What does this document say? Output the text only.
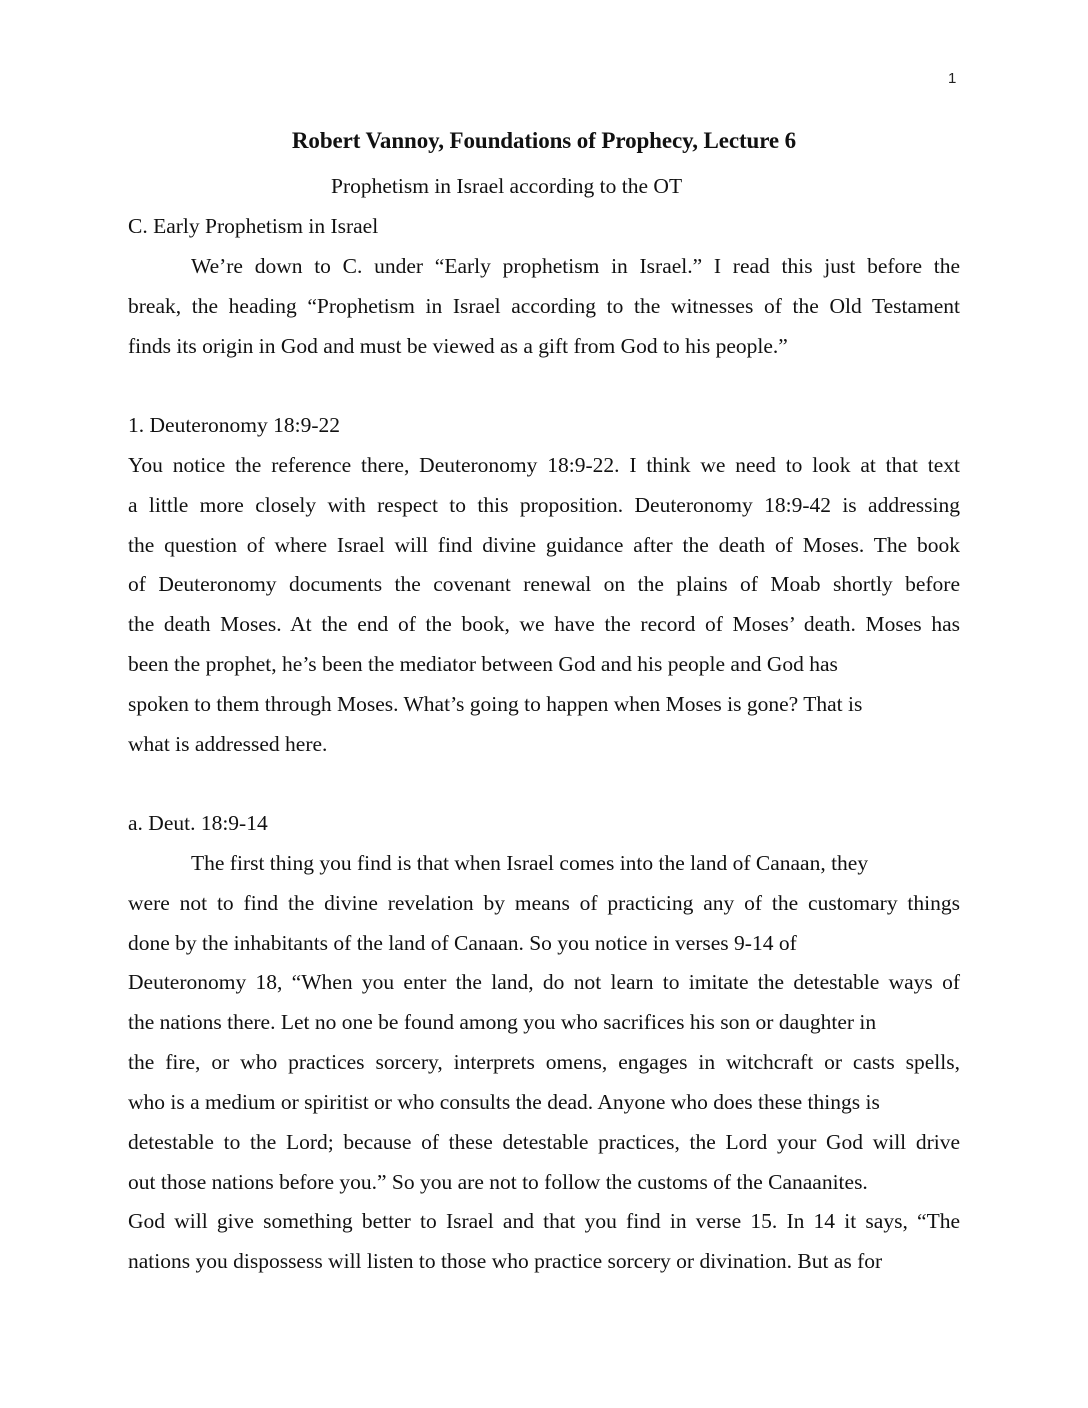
1
Robert Vannoy, Foundations of Prophecy, Lecture 6
Prophetism in Israel according to the OT
C. Early Prophetism in Israel
We’re down to C. under “Early prophetism in Israel.” I read this just before the
break, the heading “Prophetism in Israel according to the witnesses of the Old Testament
finds its origin in God and must be viewed as a gift from God to his people.”
1. Deuteronomy 18:9-22
You notice the reference there, Deuteronomy 18:9-22. I think we need to look at that text
a little more closely with respect to this proposition. Deuteronomy 18:9-42 is addressing
the question of where Israel will find divine guidance after the death of Moses. The book
of Deuteronomy documents the covenant renewal on the plains of Moab shortly before
the death Moses. At the end of the book, we have the record of Moses’ death. Moses has
been the prophet, he’s been the mediator between God and his people and God has
spoken to them through Moses. What’s going to happen when Moses is gone? That is
what is addressed here.
a. Deut. 18:9-14
The first thing you find is that when Israel comes into the land of Canaan, they
were not to find the divine revelation by means of practicing any of the customary things
done by the inhabitants of the land of Canaan. So you notice in verses 9-14 of
Deuteronomy 18, “When you enter the land, do not learn to imitate the detestable ways of
the nations there. Let no one be found among you who sacrifices his son or daughter in
the fire, or who practices sorcery, interprets omens, engages in witchcraft or casts spells,
who is a medium or spiritist or who consults the dead. Anyone who does these things is
detestable to the Lord; because of these detestable practices, the Lord your God will drive
out those nations before you.” So you are not to follow the customs of the Canaanites.
God will give something better to Israel and that you find in verse 15. In 14 it says, “The
nations you dispossess will listen to those who practice sorcery or divination. But as for
